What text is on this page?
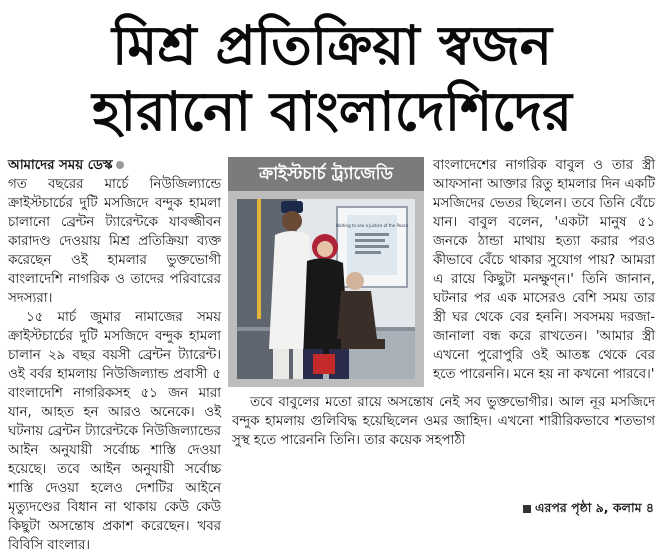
মিশ্র প্রতিক্রিয়া স্বজন
হারানো বাংলাদেশিদের

আমাদের সময় ডেস্ক
গত বছরের মার্চে নিউজিল্যান্ডে ক্রাইস্টচার্চের দুটি মসজিদে বন্দুক হামলা চালানো ব্রেন্টন ট্যারেন্টকে যাবজ্জীবন কারাদণ্ড দেওয়ায় মিশ্র প্রতিক্রিয়া ব্যক্ত করেছেন ওই হামলার ভুক্তভোগী বাংলাদেশি নাগরিক ও তাদের পরিবারের সদস্যরা।

১৫ মার্চ জুমার নামাজের সময় ক্রাইস্টচার্চের দুটি মসজিদে বন্দুক হামলা চালান ২৯ বছর বয়সী ব্রেন্টন ট্যারেন্ট। ওই বর্বর হামলায় নিউজিল্যান্ড প্রবাসী ৫ বাংলাদেশি নাগরিকসহ ৫১ জন মারা যান, আহত হন আরও অনেকে। ওই ঘটনায় ব্রেন্টন ট্যারেন্টকে নিউজিল্যান্ডের আইন অনুযায়ী সর্বোচ্চ শাস্তি দেওয়া হয়েছে। তবে আইন অনুযায়ী সর্বোচ্চ শাস্তি দেওয়া হলেও দেশটির আইনে মৃত্যুদণ্ডের বিধান না থাকায় কেউ কেউ কিছুটা অসন্তোষ প্রকাশ করেছেন। খবর বিবিসি বাংলার।

ক্রাইস্টচার্চ ট্র্যাজেডি
Waiting to see a Justice of the Peace

বাংলাদেশের নাগরিক বাবুল ও তার স্ত্রী আফসানা আক্তার রিতু হামলার দিন একটি মসজিদের ভেতর ছিলেন। তবে তিনি বেঁচে যান। বাবুল বলেন, 'একটা মানুষ ৫১ জনকে ঠান্ডা মাথায় হত্যা করার পরও কীভাবে বেঁচে থাকার সুযোগ পায়? আমরা এ রায়ে কিছুটা মনক্ষুণ্ন।' তিনি জানান, ঘটনার পর এক মাসেরও বেশি সময় তার স্ত্রী ঘর থেকে বের হননি। সবসময় দরজা-জানালা বন্ধ করে রাখতেন। 'আমার স্ত্রী এখনো পুরোপুরি ওই আতঙ্ক থেকে বের হতে পারেননি। মনে হয় না কখনো পারবে।'

তবে বাবুলের মতো রায়ে অসন্তোষ নেই সব ভুক্তভোগীর। আল নূর মসজিদে বন্দুক হামলায় গুলিবিদ্ধ হয়েছিলেন ওমর জাহিদ। এখনো শারীরিকভাবে শতভাগ সুস্থ হতে পারেননি তিনি। তার কয়েক সহপাঠী

এরপর পৃষ্ঠা ৯, কলাম ৪
